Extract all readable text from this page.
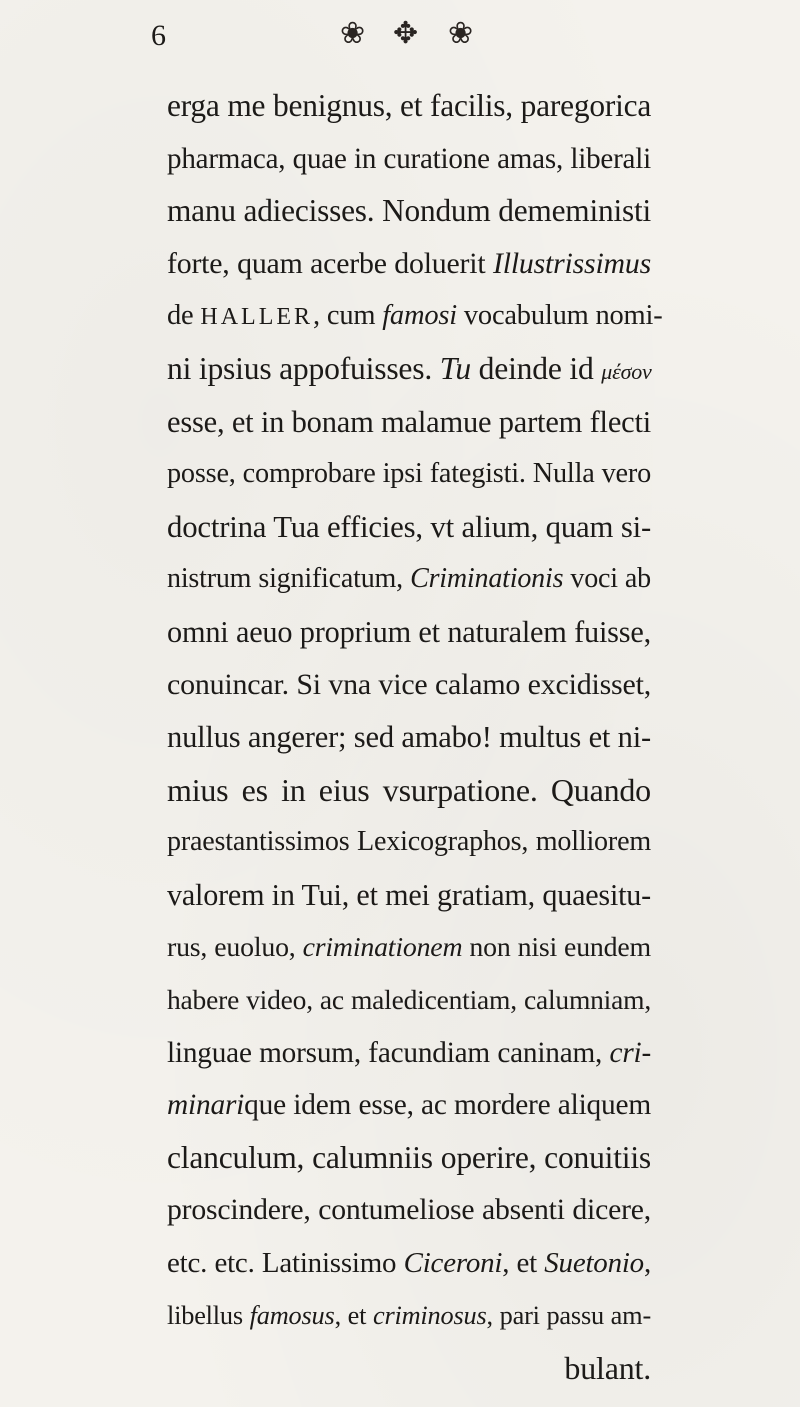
6	❀ ✥ ❀
erga me benignus, et facilis, paregorica
pharmaca, quae in curatione amas, liberali
manu adiecisses. Nondum demeministi
forte, quam acerbe doluerit Illustrissimus
de HALLER, cum famosi vocabulum nomi-
ni ipsius appofuisses. Tu deinde id μέσον
esse, et in bonam malamue partem flecti
posse, comprobare ipsi fategisti. Nulla vero
doctrina Tua efficies, vt alium, quam si-
nistrum significatum, Criminationis voci ab
omni aeuo proprium et naturalem fuisse,
conuincar. Si vna vice calamo excidisset,
nullus angerer; sed amabo! multus et ni-
mius es in eius vsurpatione. Quando
praestantissimos Lexicographos, molliorem
valorem in Tui, et mei gratiam, quaesitu-
rus, euoluo, criminationem non nisi eundem
habere video, ac maledicentiam, calumniam,
linguae morsum, facundiam caninam, cri-
minarique idem esse, ac mordere aliquem
clanculum, calumniis operire, conuitiis
proscindere, contumeliose absenti dicere,
etc. etc. Latinissimo Ciceroni, et Suetonio,
libellus famosus, et criminosus, pari passu am-
bulant.
